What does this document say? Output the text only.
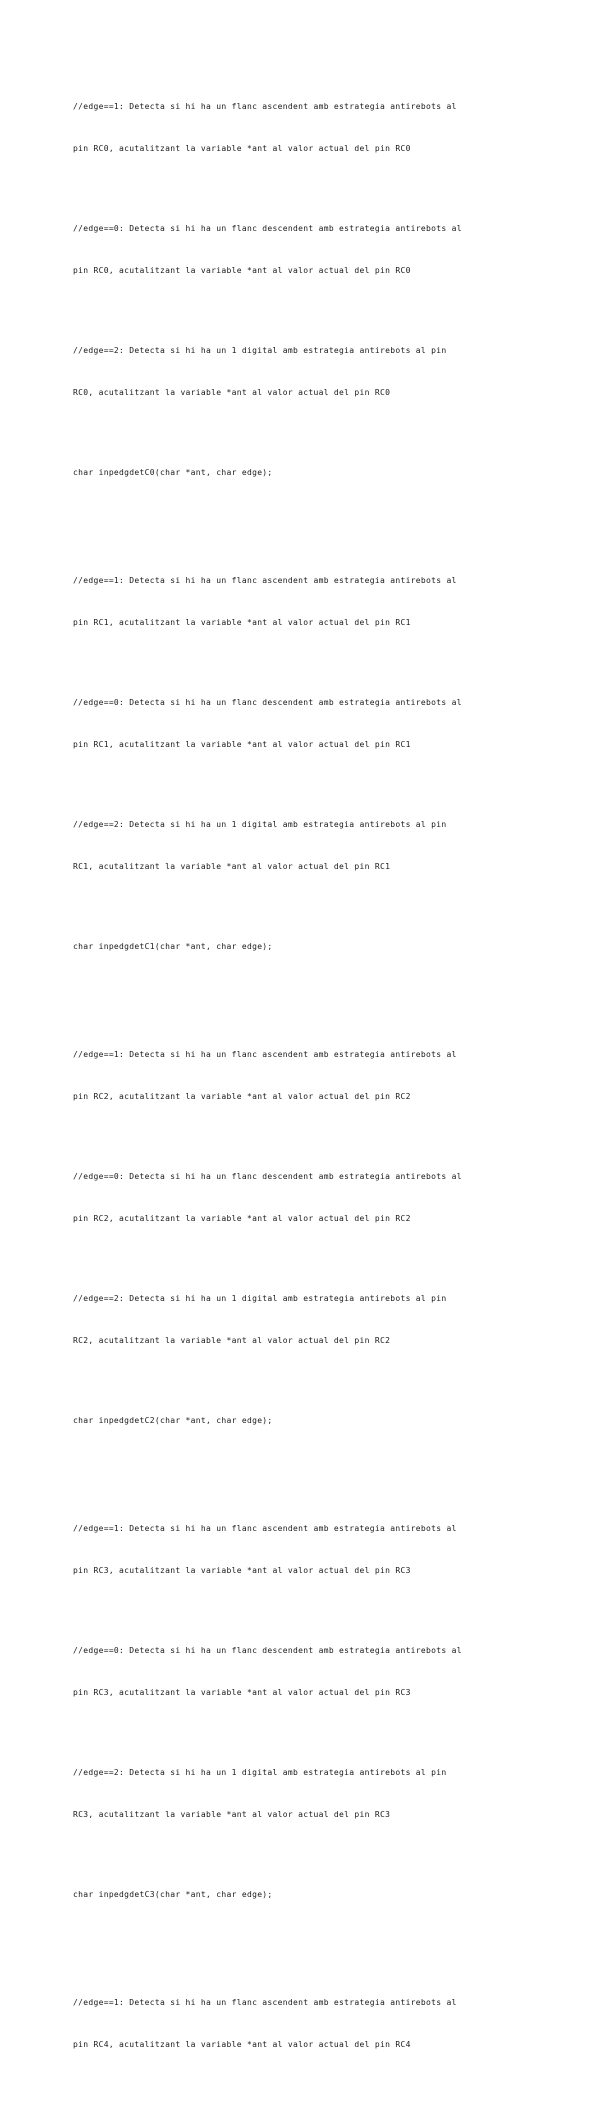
//edge==1: Detecta si hi ha un flanc ascendent amb estrategia antirebots al

pin RC0, acutalitzant la variable *ant al valor actual del pin RC0

//edge==0: Detecta si hi ha un flanc descendent amb estrategia antirebots al

pin RC0, acutalitzant la variable *ant al valor actual del pin RC0

//edge==2: Detecta si hi ha un 1 digital amb estrategia antirebots al pin

RC0, acutalitzant la variable *ant al valor actual del pin RC0

char inpedgdetC0(char *ant, char edge);

//edge==1: Detecta si hi ha un flanc ascendent amb estrategia antirebots al

pin RC1, acutalitzant la variable *ant al valor actual del pin RC1

//edge==0: Detecta si hi ha un flanc descendent amb estrategia antirebots al

pin RC1, acutalitzant la variable *ant al valor actual del pin RC1

//edge==2: Detecta si hi ha un 1 digital amb estrategia antirebots al pin

RC1, acutalitzant la variable *ant al valor actual del pin RC1

char inpedgdetC1(char *ant, char edge);

//edge==1: Detecta si hi ha un flanc ascendent amb estrategia antirebots al

pin RC2, acutalitzant la variable *ant al valor actual del pin RC2

//edge==0: Detecta si hi ha un flanc descendent amb estrategia antirebots al

pin RC2, acutalitzant la variable *ant al valor actual del pin RC2

//edge==2: Detecta si hi ha un 1 digital amb estrategia antirebots al pin

RC2, acutalitzant la variable *ant al valor actual del pin RC2

char inpedgdetC2(char *ant, char edge);

//edge==1: Detecta si hi ha un flanc ascendent amb estrategia antirebots al

pin RC3, acutalitzant la variable *ant al valor actual del pin RC3

//edge==0: Detecta si hi ha un flanc descendent amb estrategia antirebots al

pin RC3, acutalitzant la variable *ant al valor actual del pin RC3

//edge==2: Detecta si hi ha un 1 digital amb estrategia antirebots al pin

RC3, acutalitzant la variable *ant al valor actual del pin RC3

char inpedgdetC3(char *ant, char edge);

//edge==1: Detecta si hi ha un flanc ascendent amb estrategia antirebots al

pin RC4, acutalitzant la variable *ant al valor actual del pin RC4
